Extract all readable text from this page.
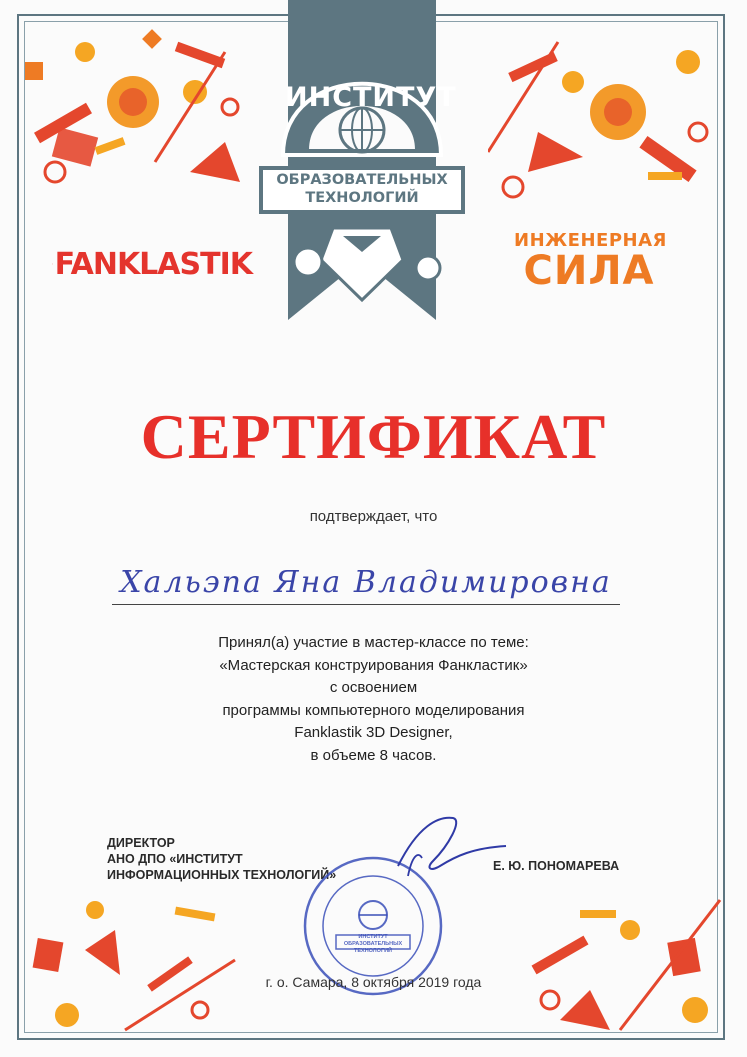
ИНСТИТУТ
ОБРАЗОВАТЕЛЬНЫХ
ТЕХНОЛОГИЙ
FANKLASTIK
ИНЖЕНЕРНАЯ
СИЛА
СЕРТИФИКАТ
подтверждает, что
Хальэпа Яна Владимировна
Принял(а) участие в мастер-классе по теме:
«Мастерская конструирования Фанкластик»
с освоением
программы компьютерного моделирования
Fanklastik 3D Designer,
в объеме 8 часов.
ДИРЕКТОР
АНО ДПО «ИНСТИТУТ
ИНФОРМАЦИОННЫХ ТЕХНОЛОГИЙ»
Е. Ю. ПОНОМАРЕВА
ИНСТИТУТ ОБРАЗОВАТЕЛЬНЫХ ТЕХНОЛОГИЙ
г. о. Самара, 8 октября 2019 года
